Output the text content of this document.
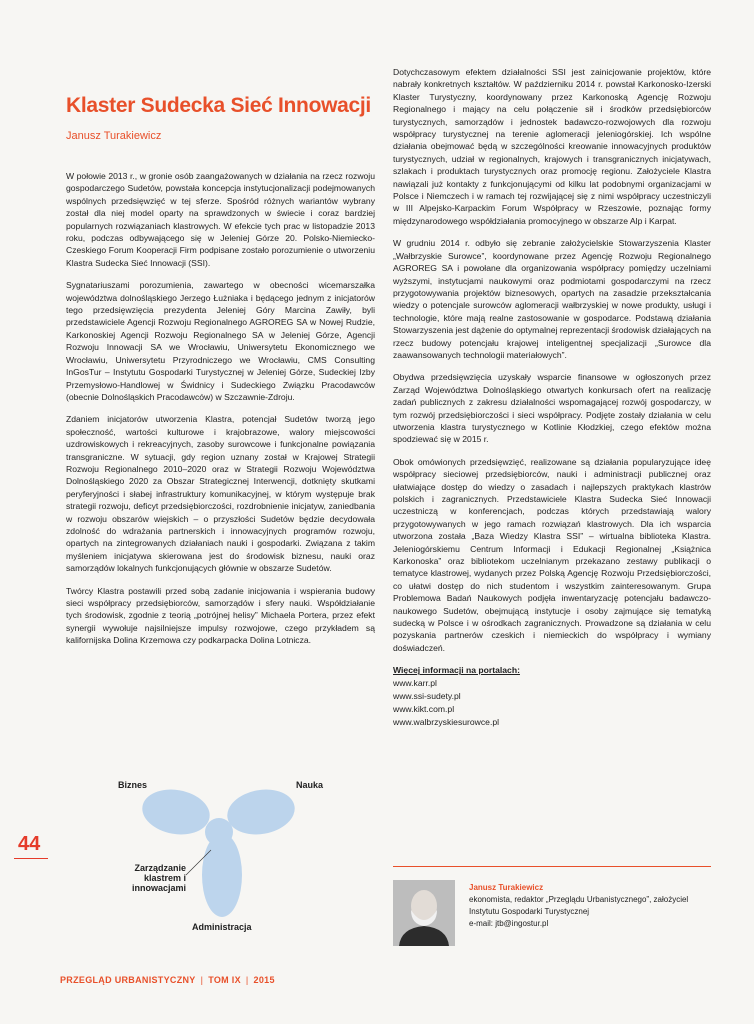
Klaster Sudecka Sieć Innowacji
Janusz Turakiewicz

W połowie 2013 r., w gronie osób zaangażowanych w działania na rzecz rozwoju gospodarczego Sudetów, powstała koncepcja instytucjonalizacji podejmowanych wspólnych przedsięwzięć w tej sferze. Spośród różnych wariantów wybrany został dla niej model oparty na sprawdzonych w świecie i coraz bardziej popularnych rozwiązaniach klastrowych. W efekcie tych prac w listopadzie 2013 roku, podczas odbywającego się w Jeleniej Górze 20. Polsko-Niemiecko-Czeskiego Forum Kooperacji Firm podpisane zostało porozumienie o utworzeniu Klastra Sudecka Sieć Innowacji (SSI).

Sygnatariuszami porozumienia, zawartego w obecności wicemarszałka województwa dolnośląskiego Jerzego Łużniaka i będącego jednym z inicjatorów tego przedsięwzięcia prezydenta Jeleniej Góry Marcina Zawiły, byli przedstawiciele Agencji Rozwoju Regionalnego AGROREG SA w Nowej Rudzie, Karkonoskiej Agencji Rozwoju Regionalnego SA w Jeleniej Górze, Agencji Rozwoju Innowacji SA we Wrocławiu, Uniwersytetu Ekonomicznego we Wrocławiu, Uniwersytetu Przyrodniczego we Wrocławiu, CMS Consulting InGosTur – Instytutu Gospodarki Turystycznej w Jeleniej Górze, Sudeckiej Izby Przemysłowo-Handlowej w Świdnicy i Sudeckiego Związku Pracodawców (obecnie Dolnośląskich Pracodawców) w Szczawnie-Zdroju.

Zdaniem inicjatorów utworzenia Klastra, potencjał Sudetów tworzą jego społeczność, wartości kulturowe i krajobrazowe, walory miejscowości uzdrowiskowych i rekreacyjnych, zasoby surowcowe i funkcjonalne powiązania transgraniczne. W sytuacji, gdy region uznany został w Krajowej Strategii Rozwoju Regionalnego 2010–2020 oraz w Strategii Rozwoju Województwa Dolnośląskiego 2020 za Obszar Strategicznej Interwencji, dotknięty skutkami peryferyjności i słabej infrastruktury komunikacyjnej, w którym występuje brak strategii rozwoju, deficyt przedsiębiorczości, rozdrobnienie inicjatyw, zaniedbania w rozwoju obszarów wiejskich – o przyszłości Sudetów będzie decydowała zdolność do wdrażania partnerskich i innowacyjnych programów rozwoju, opartych na zintegrowanych działaniach nauki i gospodarki. Związana z takim myśleniem inicjatywa skierowana jest do środowisk biznesu, nauki oraz samorządów lokalnych funkcjonujących głównie w obszarze Sudetów.

Twórcy Klastra postawili przed sobą zadanie inicjowania i wspierania budowy sieci współpracy przedsiębiorców, samorządów i sfery nauki. Współdziałanie tych środowisk, zgodnie z teorią „potrójnej helisy” Michaela Portera, przez efekt synergii wywołuje najsilniejsze impulsy rozwojowe, czego przykładem są kalifornijska Dolina Krzemowa czy podkarpacka Dolina Lotnicza.

Biznes	Nauka
Zarządzanie klastrem i innowacjami
Administracja

Dotychczasowym efektem działalności SSI jest zainicjowanie projektów, które nabrały konkretnych kształtów. W październiku 2014 r. powstał Karkonosko-Izerski Klaster Turystyczny, koordynowany przez Karkonoską Agencję Rozwoju Regionalnego i mający na celu połączenie sił i środków przedsiębiorców turystycznych, samorządów i jednostek badawczo-rozwojowych dla rozwoju współpracy turystycznej na terenie aglomeracji jeleniogórskiej. Ich wspólne działania obejmować będą w szczególności kreowanie innowacyjnych produktów turystycznych, udział w regionalnych, krajowych i transgranicznych inicjatywach, szlakach i produktach turystycznych oraz promocję regionu. Założyciele Klastra nawiązali już kontakty z funkcjonującymi od kilku lat podobnymi organizacjami w Polsce i Niemczech i w ramach tej rozwijającej się z nimi współpracy uczestniczyli w III Alpejsko-Karpackim Forum Współpracy w Rzeszowie, poznając formy międzynarodowego współdziałania promocyjnego w obszarze Alp i Karpat.

W grudniu 2014 r. odbyło się zebranie założycielskie Stowarzyszenia Klaster „Wałbrzyskie Surowce”, koordynowane przez Agencję Rozwoju Regionalnego AGROREG SA i powołane dla organizowania współpracy pomiędzy uczelniami wyższymi, instytucjami naukowymi oraz podmiotami gospodarczymi na rzecz przygotowywania projektów biznesowych, opartych na zasadzie przekształcania wiedzy o potencjale surowców aglomeracji wałbrzyskiej w nowe produkty, usługi i technologie, które mają realne zastosowanie w gospodarce. Podstawą działania Stowarzyszenia jest dążenie do optymalnej reprezentacji środowisk działających na rzecz budowy potencjału krajowej inteligentnej specjalizacji „Surowce dla zaawansowanych technologii materiałowych”.

Obydwa przedsięwzięcia uzyskały wsparcie finansowe w ogłoszonych przez Zarząd Województwa Dolnośląskiego otwartych konkursach ofert na realizację zadań publicznych z zakresu działalności wspomagającej rozwój gospodarczy, w tym rozwój przedsiębiorczości i sieci współpracy. Podjęte zostały działania w celu utworzenia klastra turystycznego w Kotlinie Kłodzkiej, czego efektów można spodziewać się w 2015 r.

Obok omówionych przedsięwzięć, realizowane są działania popularyzujące ideę współpracy sieciowej przedsiębiorców, nauki i administracji publicznej oraz ułatwiające dostęp do wiedzy o zasadach i najlepszych praktykach klastrów polskich i zagranicznych. Przedstawiciele Klastra Sudecka Sieć Innowacji uczestniczą w konferencjach, podczas których przedstawiają walory przygotowywanych w jego ramach rozwiązań klastrowych. Dla ich wsparcia utworzona została „Baza Wiedzy Klastra SSI” – wirtualna biblioteka Klastra. Jeleniogórskiemu Centrum Informacji i Edukacji Regionalnej „Książnica Karkonoska” oraz bibliotekom uczelnianym przekazano zestawy publikacji o tematyce klastrowej, wydanych przez Polską Agencję Rozwoju Przedsiębiorczości, co ułatwi dostęp do nich studentom i wszystkim zainteresowanym. Grupa Problemowa Badań Naukowych podjęła inwentaryzację potencjału badawczo-naukowego Sudetów, obejmującą instytucje i osoby zajmujące się tematyką sudecką w Polsce i w ośrodkach zagranicznych. Prowadzone są działania w celu pozyskania partnerów czeskich i niemieckich do współpracy i wymiany doświadczeń.

Więcej informacji na portalach:
www.karr.pl
www.ssi-sudety.pl
www.kikt.com.pl
www.walbrzyskiesurowce.pl
Janusz Turakiewicz
ekonomista, redaktor „Przeglądu Urbanistycznego”, założyciel Instytutu Gospodarki Turystycznej
e-mail: jtb@ingostur.pl
44
PRZEGLĄD URBANISTYCZNY | TOM IX | 2015
